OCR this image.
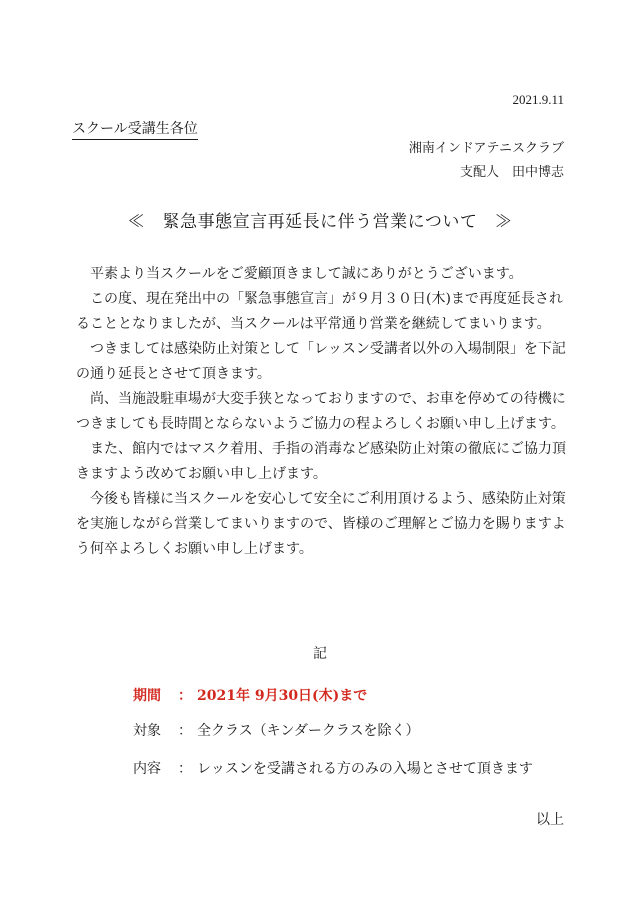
2021.9.11
スクール受講生各位
湘南インドアテニスクラブ
支配人　田中博志
≪　緊急事態宣言再延長に伴う営業について　≫

平素より当スクールをご愛顧頂きまして誠にありがとうございます。

この度、現在発出中の「緊急事態宣言」が９月３０日(木)まで再度延長されることとなりましたが、当スクールは平常通り営業を継続してまいります。

つきましては感染防止対策として「レッスン受講者以外の入場制限」を下記の通り延長とさせて頂きます。

尚、当施設駐車場が大変手狭となっておりますので、お車を停めての待機につきましても長時間とならないようご協力の程よろしくお願い申し上げます。

また、館内ではマスク着用、手指の消毒など感染防止対策の徹底にご協力頂きますよう改めてお願い申し上げます。

今後も皆様に当スクールを安心して安全にご利用頂けるよう、感染防止対策を実施しながら営業してまいりますので、皆様のご理解とご協力を賜りますよう何卒よろしくお願い申し上げます。

記
期間 ： 2021年 9月30日(木)まで
対象 ： 全クラス（キンダークラスを除く）
内容 ： レッスンを受講される方のみの入場とさせて頂きます
以上
